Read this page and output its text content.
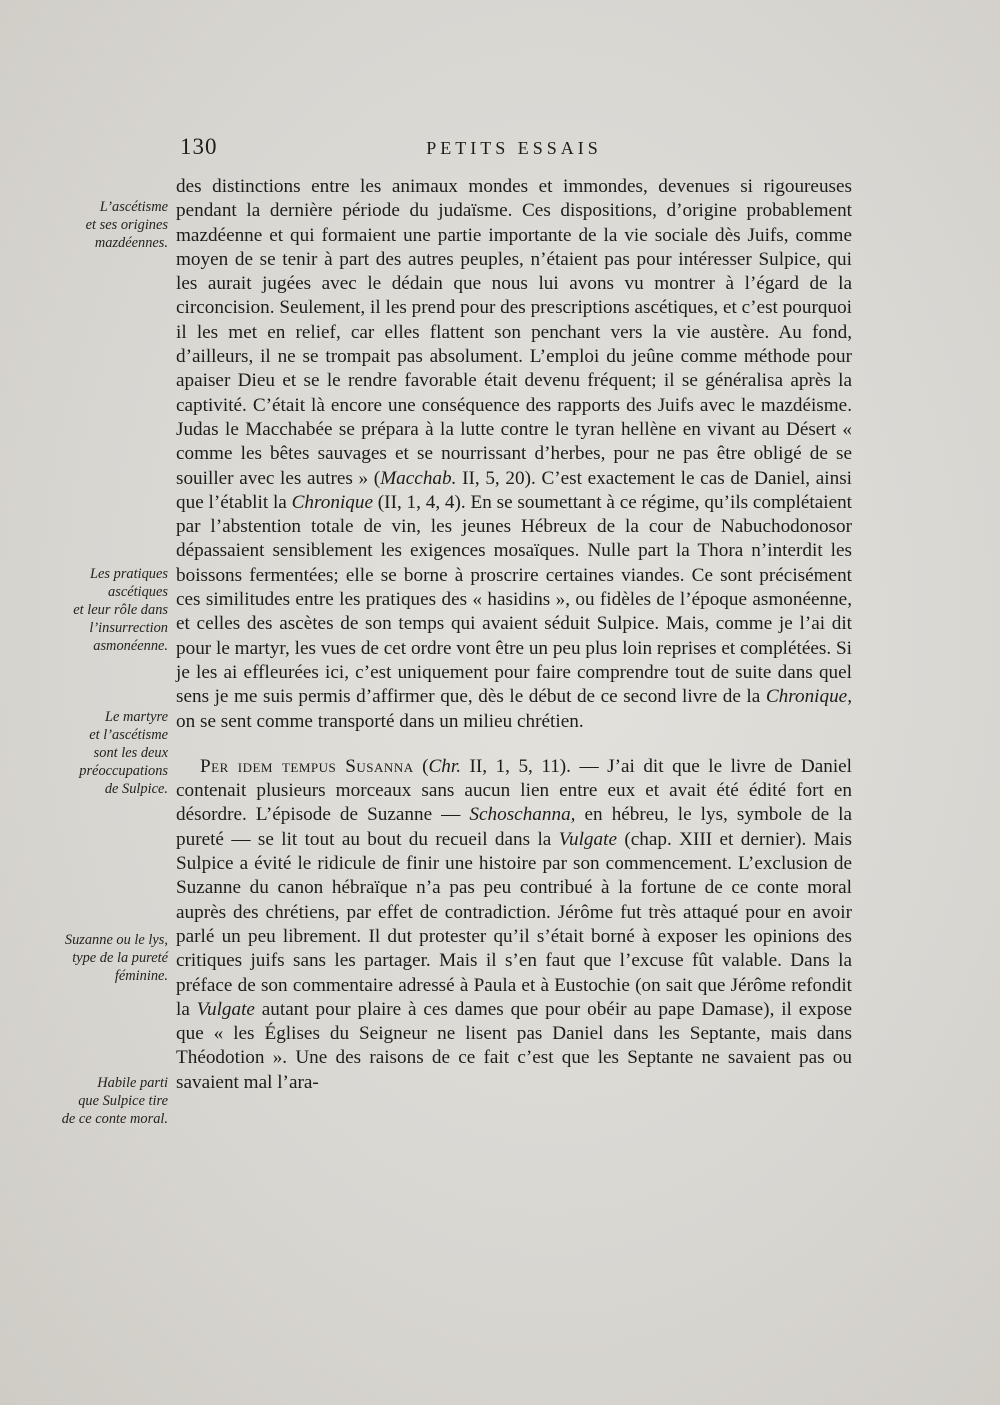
130	PETITS ESSAIS
L’ascétisme
et ses origines
mazdéennes.
Les pratiques
ascétiques
et leur rôle dans
l’insurrection
asmonéenne.
Le martyre
et l’ascétisme
sont les deux
préoccupations
de Sulpice.
Suzanne ou le lys,
type de la pureté
féminine.
Habile parti
que Sulpice tire
de ce conte moral.

des distinctions entre les animaux mondes et immondes, devenues si rigoureuses pendant la dernière période du judaïsme. Ces dispositions, d’origine probablement mazdéenne et qui formaient une partie importante de la vie sociale dès Juifs, comme moyen de se tenir à part des autres peuples, n’étaient pas pour intéresser Sulpice, qui les aurait jugées avec le dédain que nous lui avons vu montrer à l’égard de la circoncision. Seulement, il les prend pour des prescriptions ascétiques, et c’est pourquoi il les met en relief, car elles flattent son penchant vers la vie austère. Au fond, d’ailleurs, il ne se trompait pas absolument. L’emploi du jeûne comme méthode pour apaiser Dieu et se le rendre favorable était devenu fréquent; il se généralisa après la captivité. C’était là encore une conséquence des rapports des Juifs avec le mazdéisme. Judas le Macchabée se prépara à la lutte contre le tyran hellène en vivant au Désert « comme les bêtes sauvages et se nourrissant d’herbes, pour ne pas être obligé de se souiller avec les autres » (Macchab. II, 5, 20). C’est exactement le cas de Daniel, ainsi que l’établit la Chronique (II, 1, 4, 4). En se soumettant à ce régime, qu’ils complétaient par l’abstention totale de vin, les jeunes Hébreux de la cour de Nabuchodonosor dépassaient sensiblement les exigences mosaïques. Nulle part la Thora n’interdit les boissons fermentées; elle se borne à proscrire certaines viandes. Ce sont précisément ces similitudes entre les pratiques des « hasidins », ou fidèles de l’époque asmonéenne, et celles des ascètes de son temps qui avaient séduit Sulpice. Mais, comme je l’ai dit pour le martyr, les vues de cet ordre vont être un peu plus loin reprises et complétées. Si je les ai effleurées ici, c’est uniquement pour faire comprendre tout de suite dans quel sens je me suis permis d’affirmer que, dès le début de ce second livre de la Chronique, on se sent comme transporté dans un milieu chrétien.

Per idem tempus Susanna (Chr. II, 1, 5, 11). — J’ai dit que le livre de Daniel contenait plusieurs morceaux sans aucun lien entre eux et avait été édité fort en désordre. L’épisode de Suzanne — Schoschanna, en hébreu, le lys, symbole de la pureté — se lit tout au bout du recueil dans la Vulgate (chap. XIII et dernier). Mais Sulpice a évité le ridicule de finir une histoire par son commencement. L’exclusion de Suzanne du canon hébraïque n’a pas peu contribué à la fortune de ce conte moral auprès des chrétiens, par effet de contradiction. Jérôme fut très attaqué pour en avoir parlé un peu librement. Il dut protester qu’il s’était borné à exposer les opinions des critiques juifs sans les partager. Mais il s’en faut que l’excuse fût valable. Dans la préface de son commentaire adressé à Paula et à Eustochie (on sait que Jérôme refondit la Vulgate autant pour plaire à ces dames que pour obéir au pape Damase), il expose que « les Églises du Seigneur ne lisent pas Daniel dans les Septante, mais dans Théodotion ». Une des raisons de ce fait c’est que les Septante ne savaient pas ou savaient mal l’ara-
